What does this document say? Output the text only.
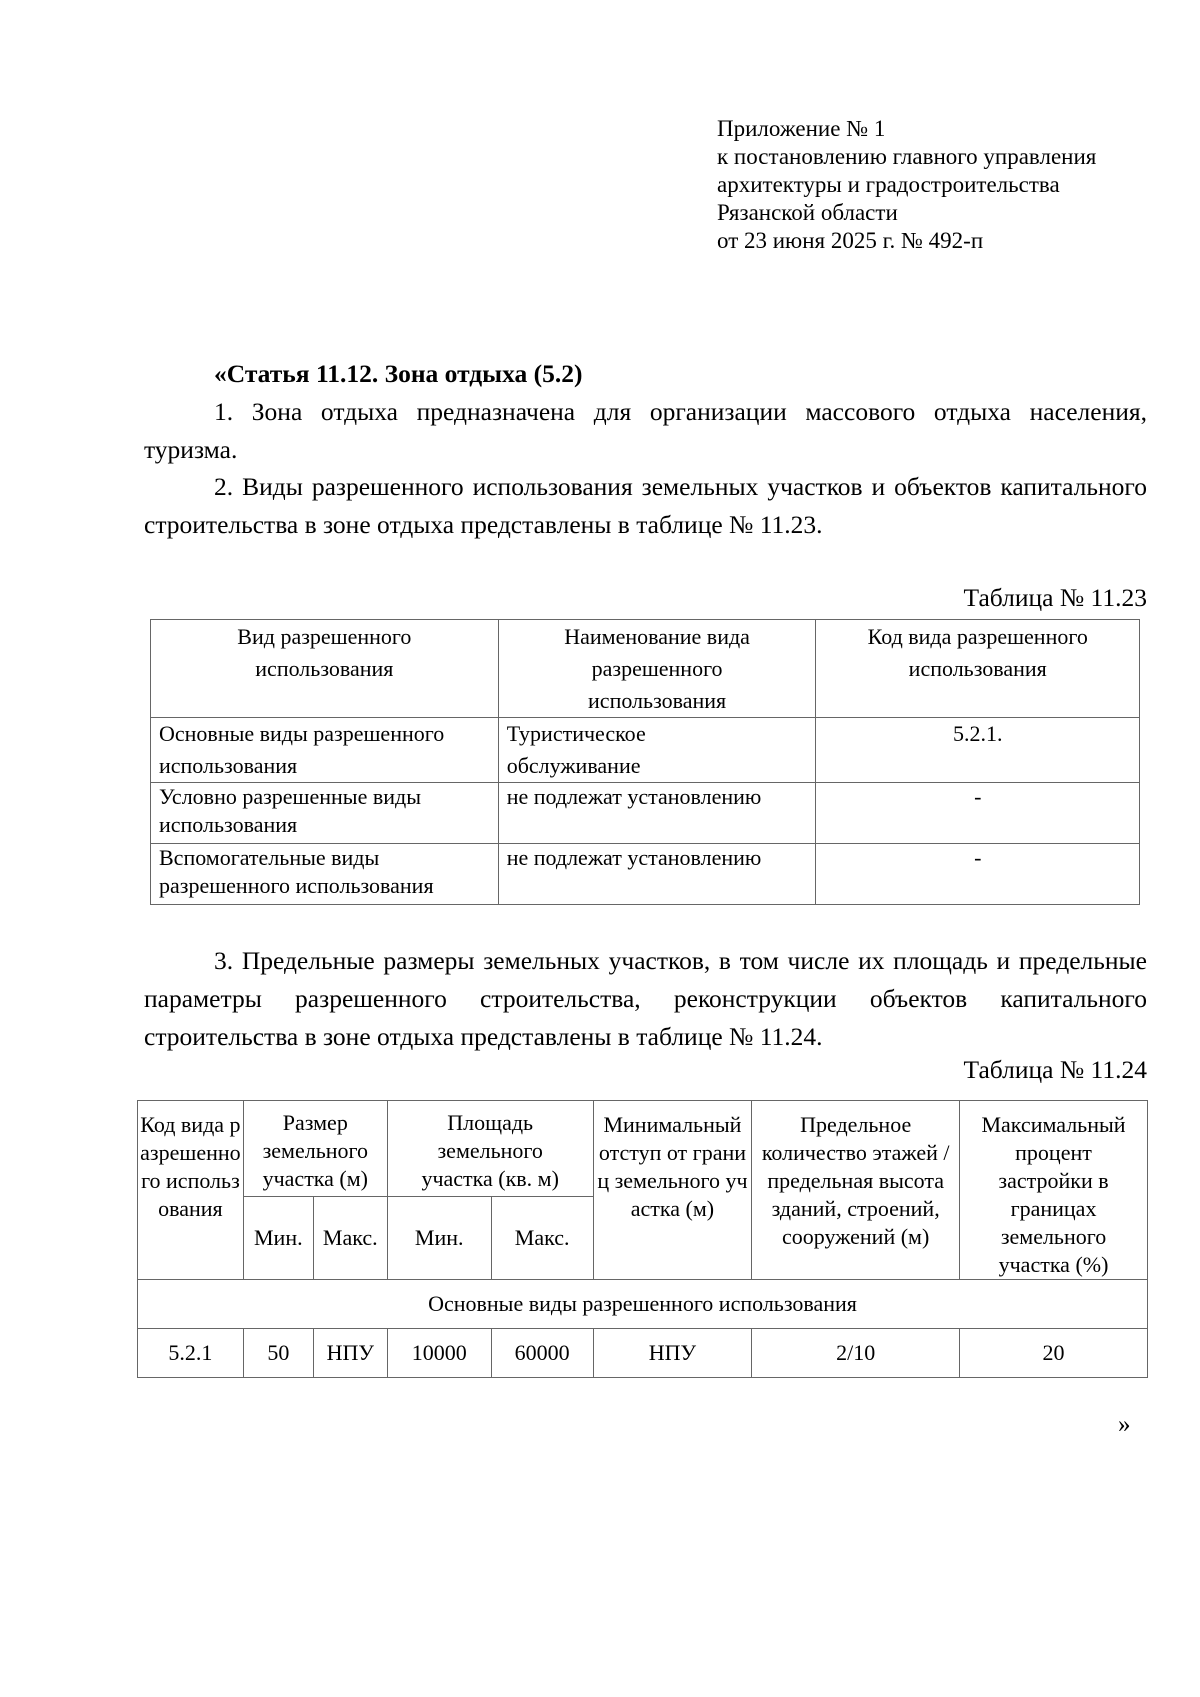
Приложение № 1
к постановлению главного управления
архитектуры и градостроительства
Рязанской области
от 23 июня 2025 г. № 492-п
«Статья 11.12. Зона отдыха (5.2)
1. Зона отдыха предназначена для организации массового отдыха населения, туризма.
2. Виды разрешенного использования земельных участков и объектов капитального строительства в зоне отдыха представлены в таблице № 11.23.
Таблица № 11.23
Вид разрешенного использования	Наименование вида разрешенного использования	Код вида разрешенного использования
Основные виды разрешенного использования	Туристическое обслуживание	5.2.1.
Условно разрешенные виды использования	не подлежат установлению	-
Вспомогательные виды разрешенного использования	не подлежат установлению	-
3. Предельные размеры земельных участков, в том числе их площадь и предельные параметры разрешенного строительства, реконструкции объектов капитального строительства в зоне отдыха представлены в таблице № 11.24.
Таблица № 11.24
Код вида разрешенного использования	Размер земельного участка (м)		Площадь земельного участка (кв. м)		Минимальный отступ от границ земельного участка (м)	Предельное количество этажей / предельная высота зданий, строений, сооружений (м)	Максимальный процент застройки в границах земельного участка (%)
	Мин.	Макс.	Мин.	Макс.			
Основные виды разрешенного использования							
5.2.1	50	НПУ	10000	60000	НПУ	2/10	20
»
